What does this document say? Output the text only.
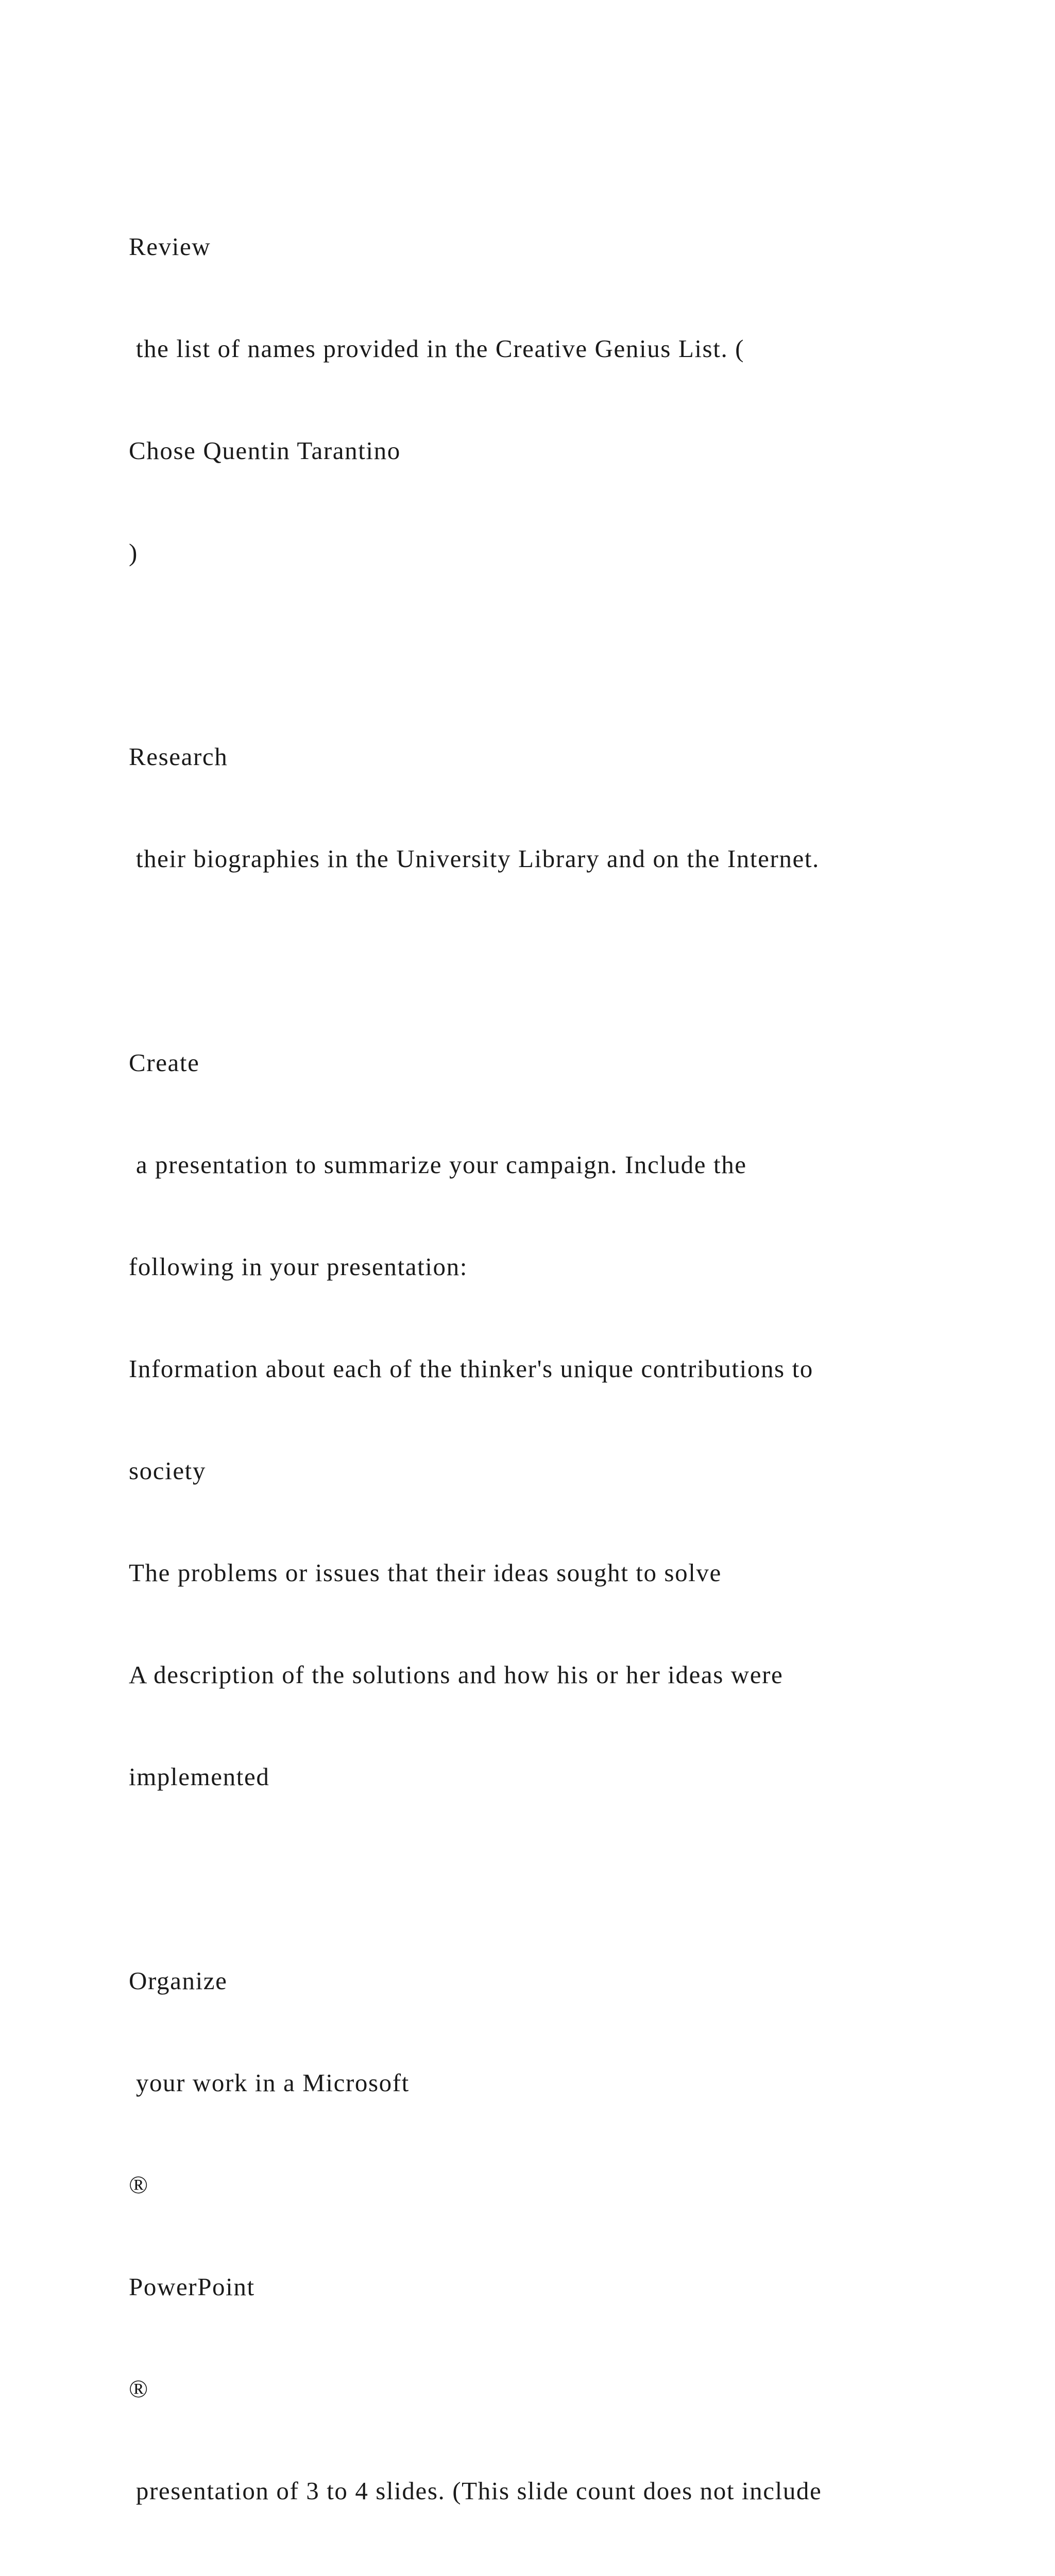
Review

the list of names provided in the Creative Genius List. (

Chose Quentin Tarantino

)

Research

their biographies in the University Library and on the Internet.

Create

a presentation to summarize your campaign. Include the

following in your presentation:

Information about each of the thinker's unique contributions to

society

The problems or issues that their ideas sought to solve

A description of the solutions and how his or her ideas were

implemented

Organize

your work in a Microsoft

®

PowerPoint

®

presentation of 3 to 4 slides. (This slide count does not include
